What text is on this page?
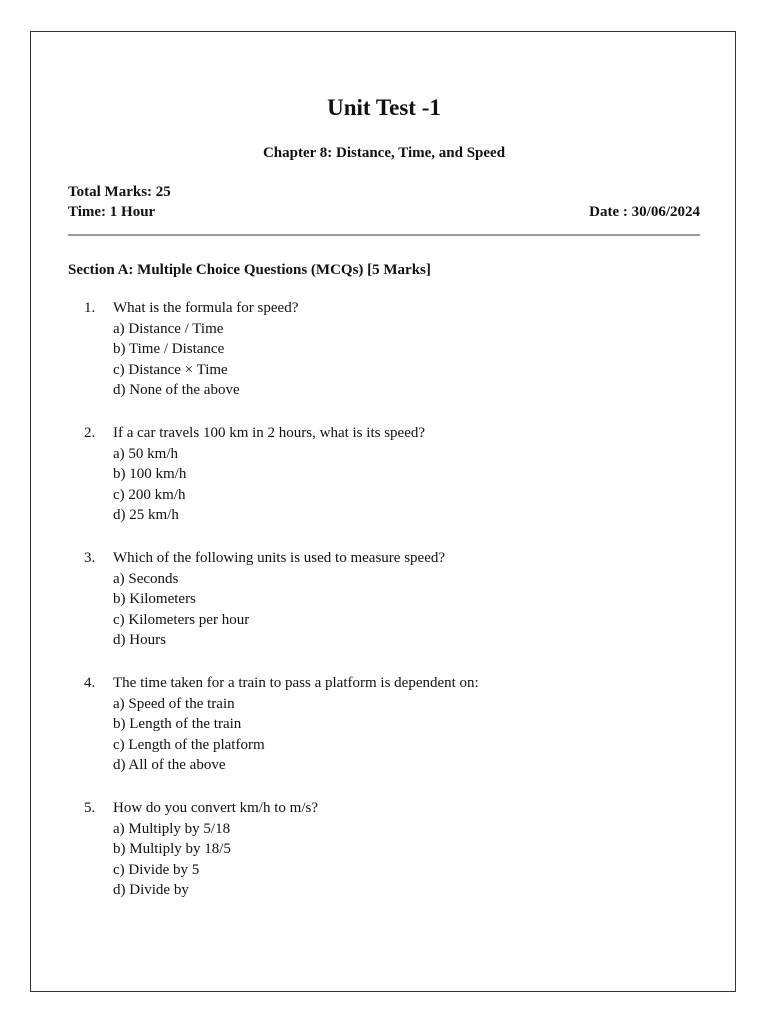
Unit Test -1
Chapter 8: Distance, Time, and Speed
Total Marks: 25
Time: 1 Hour	Date : 30/06/2024
Section A: Multiple Choice Questions (MCQs) [5 Marks]
1.	What is the formula for speed?
a) Distance / Time
b) Time / Distance
c) Distance × Time
d) None of the above
2.	If a car travels 100 km in 2 hours, what is its speed?
a) 50 km/h
b) 100 km/h
c) 200 km/h
d) 25 km/h
3.	Which of the following units is used to measure speed?
a) Seconds
b) Kilometers
c) Kilometers per hour
d) Hours
4.	The time taken for a train to pass a platform is dependent on:
a) Speed of the train
b) Length of the train
c) Length of the platform
d) All of the above
5.	How do you convert km/h to m/s?
a) Multiply by 5/18
b) Multiply by 18/5
c) Divide by 5
d) Divide by
